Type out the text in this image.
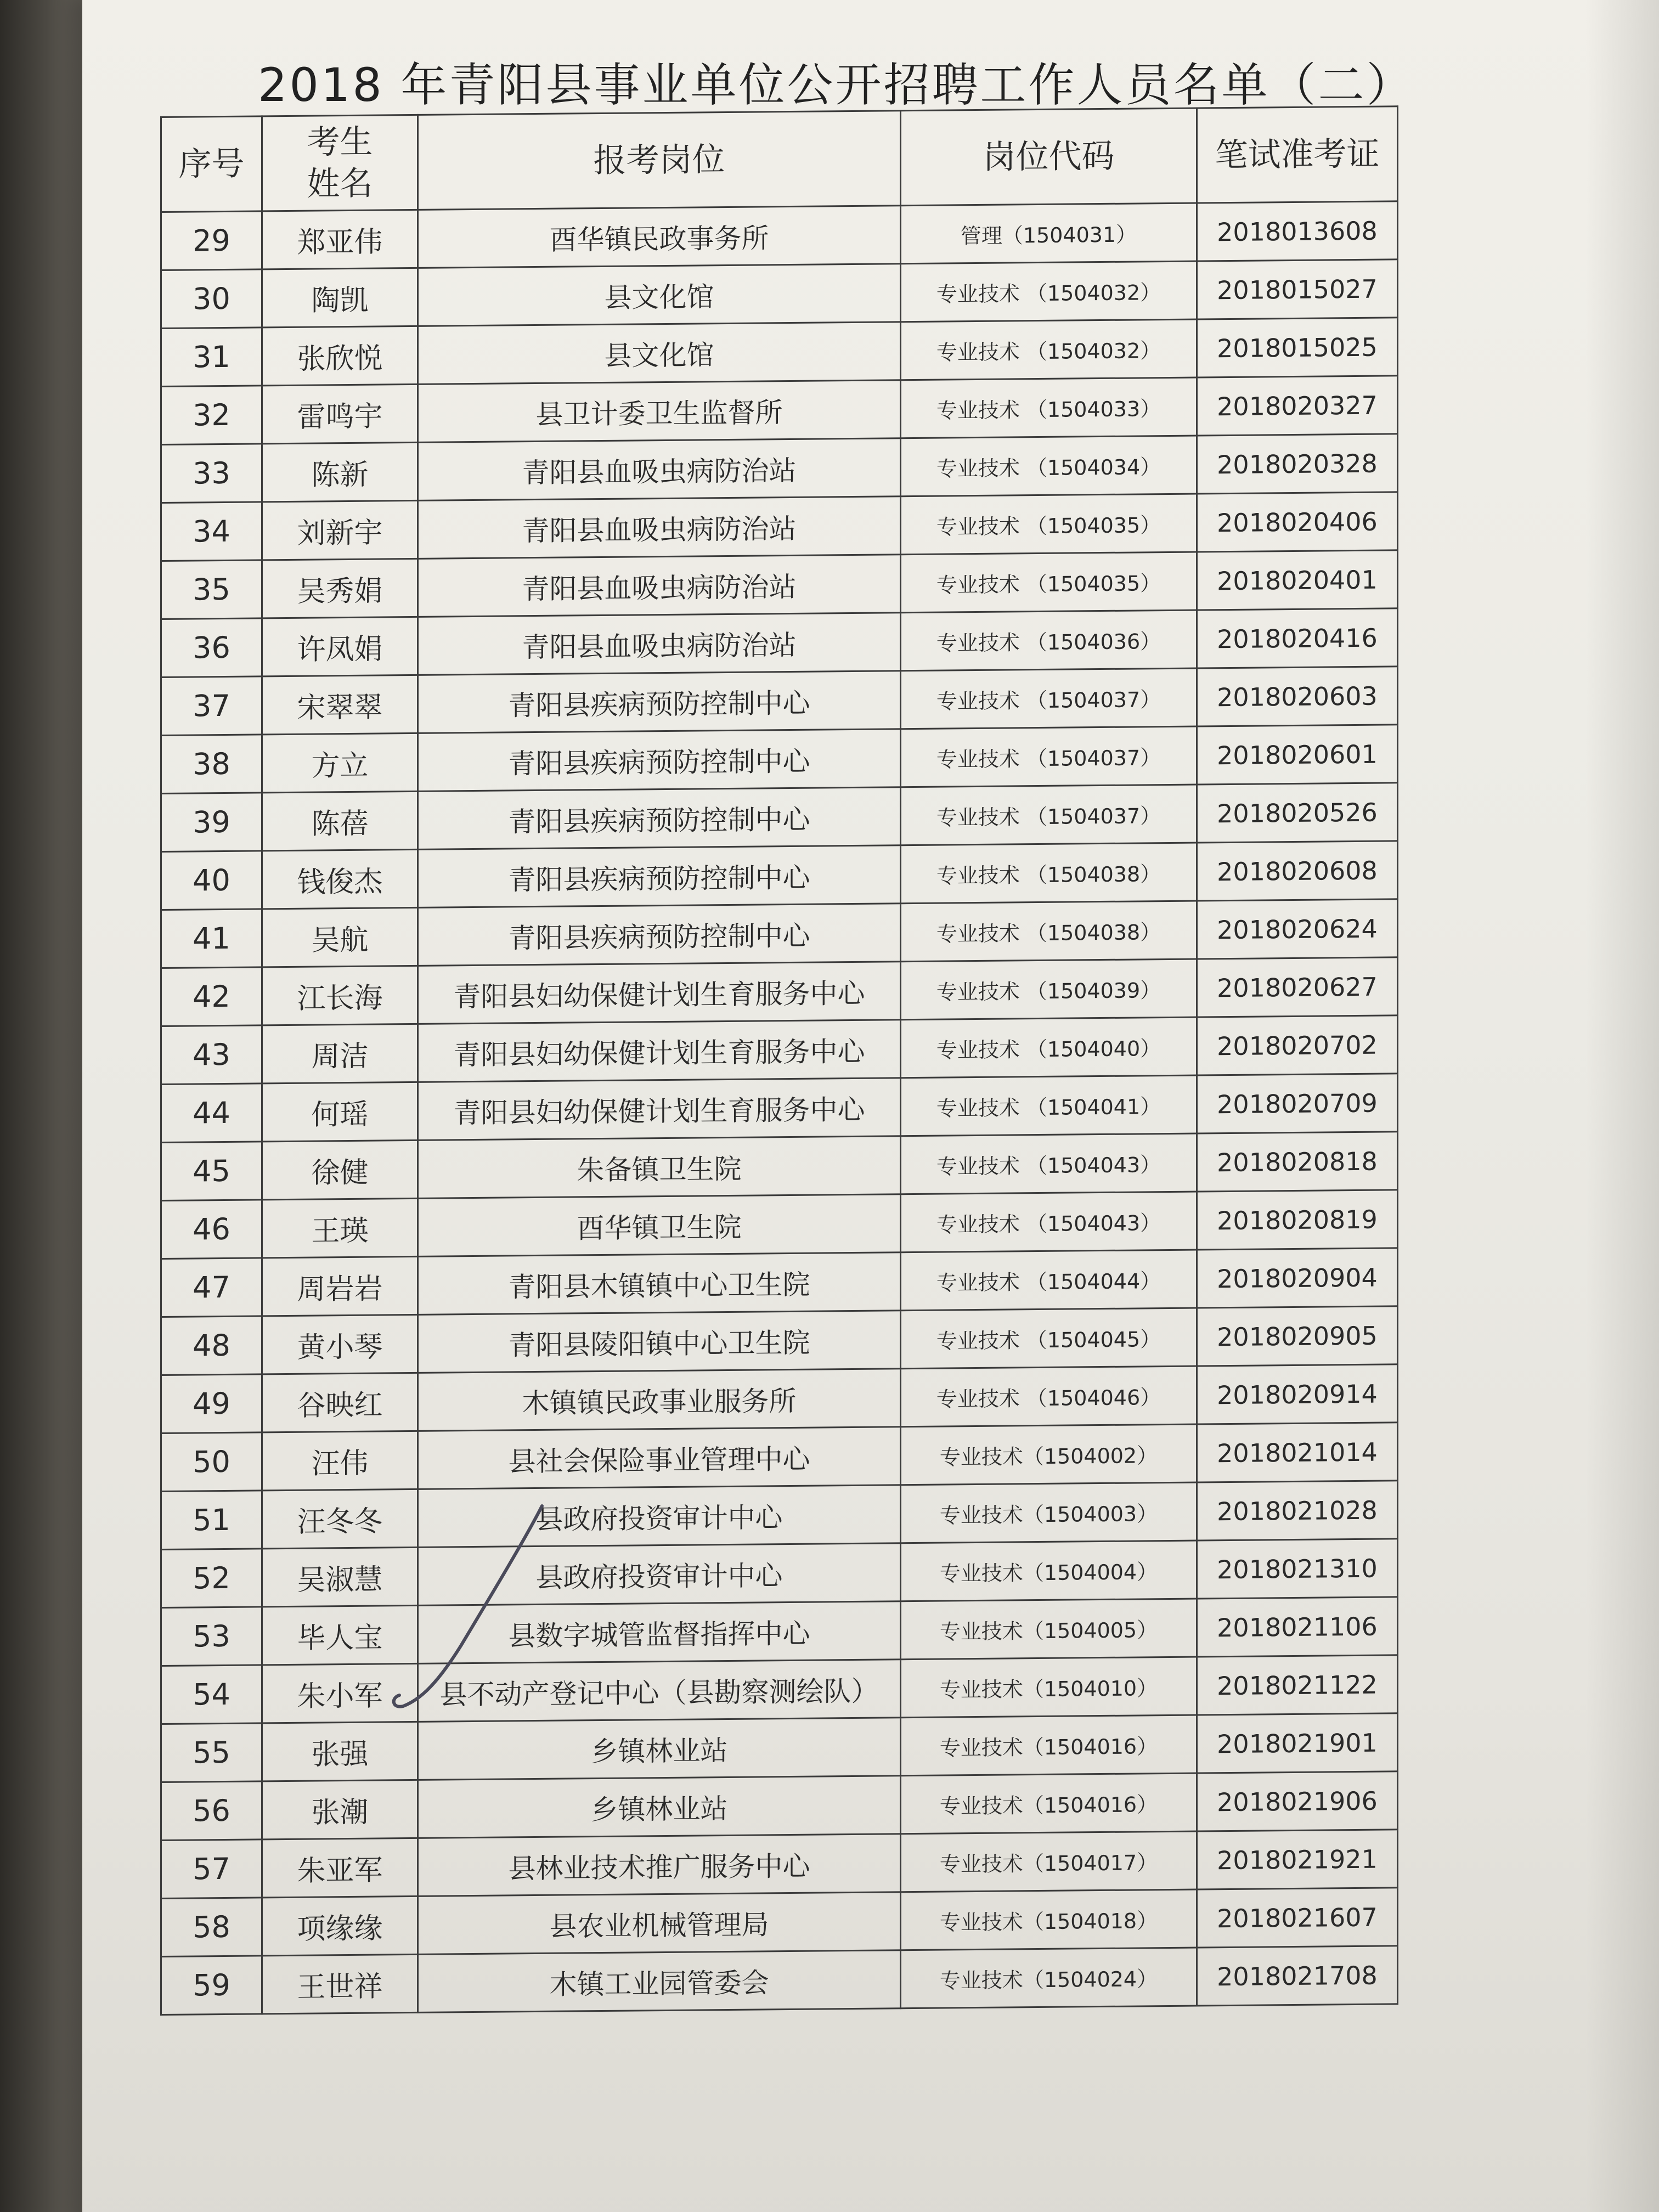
2018 年青阳县事业单位公开招聘工作人员名单（二）
序号	考生姓名	报考岗位	岗位代码	笔试准考证
29	郑亚伟	酉华镇民政事务所	管理（1504031）	2018013608
30	陶凯	县文化馆	专业技术 （1504032）	2018015027
31	张欣悦	县文化馆	专业技术 （1504032）	2018015025
32	雷鸣宇	县卫计委卫生监督所	专业技术 （1504033）	2018020327
33	陈新	青阳县血吸虫病防治站	专业技术 （1504034）	2018020328
34	刘新宇	青阳县血吸虫病防治站	专业技术 （1504035）	2018020406
35	吴秀娟	青阳县血吸虫病防治站	专业技术 （1504035）	2018020401
36	许凤娟	青阳县血吸虫病防治站	专业技术 （1504036）	2018020416
37	宋翠翠	青阳县疾病预防控制中心	专业技术 （1504037）	2018020603
38	方立	青阳县疾病预防控制中心	专业技术 （1504037）	2018020601
39	陈蓓	青阳县疾病预防控制中心	专业技术 （1504037）	2018020526
40	钱俊杰	青阳县疾病预防控制中心	专业技术 （1504038）	2018020608
41	吴航	青阳县疾病预防控制中心	专业技术 （1504038）	2018020624
42	江长海	青阳县妇幼保健计划生育服务中心	专业技术 （1504039）	2018020627
43	周洁	青阳县妇幼保健计划生育服务中心	专业技术 （1504040）	2018020702
44	何瑶	青阳县妇幼保健计划生育服务中心	专业技术 （1504041）	2018020709
45	徐健	朱备镇卫生院	专业技术 （1504043）	2018020818
46	王瑛	酉华镇卫生院	专业技术 （1504043）	2018020819
47	周岩岩	青阳县木镇镇中心卫生院	专业技术 （1504044）	2018020904
48	黄小琴	青阳县陵阳镇中心卫生院	专业技术 （1504045）	2018020905
49	谷映红	木镇镇民政事业服务所	专业技术 （1504046）	2018020914
50	汪伟	县社会保险事业管理中心	专业技术（1504002）	2018021014
51	汪冬冬	县政府投资审计中心	专业技术（1504003）	2018021028
52	吴淑慧	县政府投资审计中心	专业技术（1504004）	2018021310
53	毕人宝	县数字城管监督指挥中心	专业技术（1504005）	2018021106
54	朱小军	县不动产登记中心（县勘察测绘队）	专业技术（1504010）	2018021122
55	张强	乡镇林业站	专业技术（1504016）	2018021901
56	张潮	乡镇林业站	专业技术（1504016）	2018021906
57	朱亚军	县林业技术推广服务中心	专业技术（1504017）	2018021921
58	项缘缘	县农业机械管理局	专业技术（1504018）	2018021607
59	王世祥	木镇工业园管委会	专业技术（1504024）	2018021708
